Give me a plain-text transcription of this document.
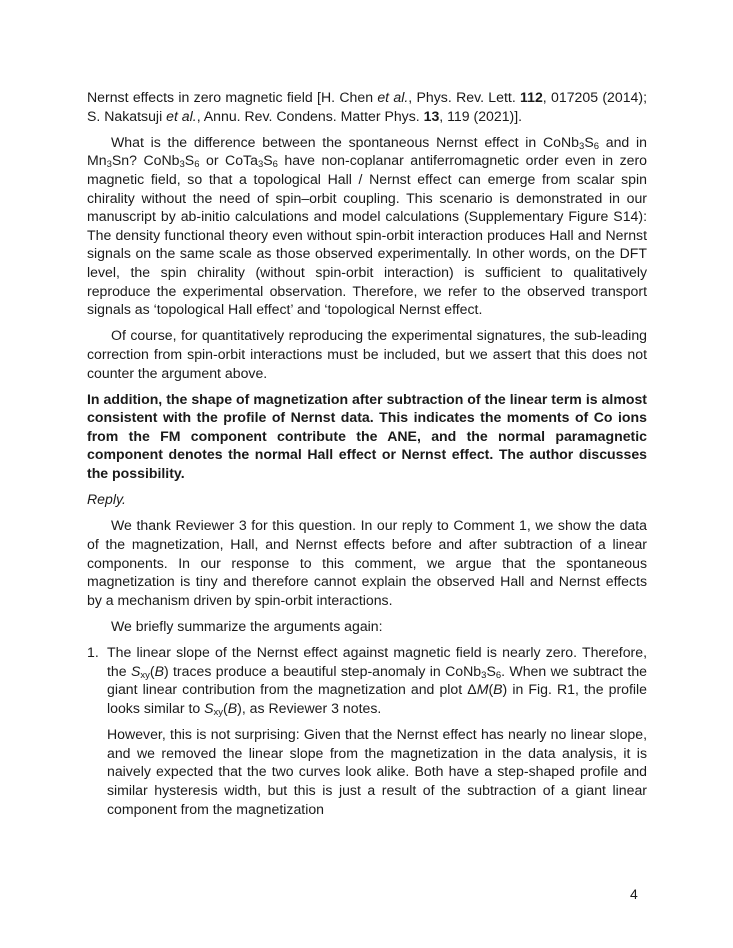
Nernst effects in zero magnetic field [H. Chen et al., Phys. Rev. Lett. 112, 017205 (2014); S. Nakatsuji et al., Annu. Rev. Condens. Matter Phys. 13, 119 (2021)].

What is the difference between the spontaneous Nernst effect in $CoNb_3S_6$ and in $Mn_3Sn$? $CoNb_3S_6$ or $CoTa_3S_6$ have non-coplanar antiferromagnetic order even in zero magnetic field, so that a topological Hall / Nernst effect can emerge from scalar spin chirality without the need of spin–orbit coupling. This scenario is demonstrated in our manuscript by ab-initio calculations and model calculations (Supplementary Figure S14): The density functional theory even without spin-orbit interaction produces Hall and Nernst signals on the same scale as those observed experimentally. In other words, on the DFT level, the spin chirality (without spin-orbit interaction) is sufficient to qualitatively reproduce the experimental observation. Therefore, we refer to the observed transport signals as ‘topological Hall effect’ and ‘topological Nernst effect.

Of course, for quantitatively reproducing the experimental signatures, the sub-leading correction from spin-orbit interactions must be included, but we assert that this does not counter the argument above.

In addition, the shape of magnetization after subtraction of the linear term is almost consistent with the profile of Nernst data. This indicates the moments of Co ions from the FM component contribute the ANE, and the normal paramagnetic component denotes the normal Hall effect or Nernst effect. The author discusses the possibility.

Reply.

We thank Reviewer 3 for this question. In our reply to Comment 1, we show the data of the magnetization, Hall, and Nernst effects before and after subtraction of a linear components. In our response to this comment, we argue that the spontaneous magnetization is tiny and therefore cannot explain the observed Hall and Nernst effects by a mechanism driven by spin-orbit interactions.

We briefly summarize the arguments again:

1. The linear slope of the Nernst effect against magnetic field is nearly zero. Therefore, the $S_{xy}(B)$ traces produce a beautiful step-anomaly in $CoNb_3S_6$. When we subtract the giant linear contribution from the magnetization and plot ΔM(B) in Fig. R1, the profile looks similar to $S_{xy}(B)$, as Reviewer 3 notes.

However, this is not surprising: Given that the Nernst effect has nearly no linear slope, and we removed the linear slope from the magnetization in the data analysis, it is naively expected that the two curves look alike. Both have a step-shaped profile and similar hysteresis width, but this is just a result of the subtraction of a giant linear component from the magnetization

4
